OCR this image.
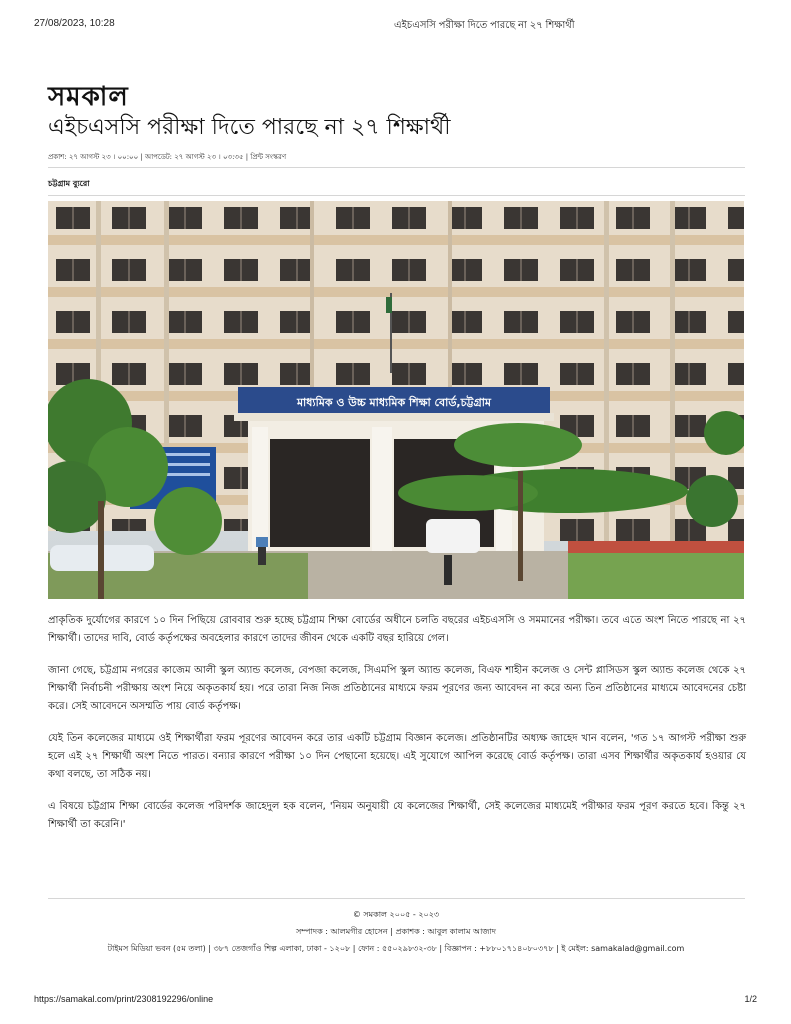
27/08/2023, 10:28	এইচএসসি পরীক্ষা দিতে পারছে না ২৭ শিক্ষার্থী
সমকাল
এইচএসসি পরীক্ষা দিতে পারছে না ২৭ শিক্ষার্থী
প্রকাশ: ২৭ আগস্ট ২৩ । ০০:০০ | আপডেট: ২৭ আগস্ট ২৩ । ০৩:৩৫ | প্রিন্ট সংস্করণ
চট্টগ্রাম ব্যুরো
মাধ্যমিক ও উচ্চ মাধ্যমিক শিক্ষা বোর্ড,চট্টগ্রাম

প্রাকৃতিক দুর্যোগের কারণে ১০ দিন পিছিয়ে রোববার শুরু হচ্ছে চট্টগ্রাম শিক্ষা বোর্ডের অধীনে চলতি বছরের এইচএসসি ও সমমানের পরীক্ষা। তবে এতে অংশ নিতে পারছে না ২৭ শিক্ষার্থী। তাদের দাবি, বোর্ড কর্তৃপক্ষের অবহেলার কারণে তাদের জীবন থেকে একটি বছর হারিয়ে গেল।

জানা গেছে, চট্টগ্রাম নগরের কাজেম আলী স্কুল অ্যান্ড কলেজ, বেপজা কলেজ, সিএমপি স্কুল অ্যান্ড কলেজ, বিএফ শাহীন কলেজ ও সেন্ট প্লাসিডস স্কুল অ্যান্ড কলেজ থেকে ২৭ শিক্ষার্থী নির্বাচনী পরীক্ষায় অংশ নিয়ে অকৃতকার্য হয়। পরে তারা নিজ নিজ প্রতিষ্ঠানের মাধ্যমে ফরম পূরণের জন্য আবেদন না করে অন্য তিন প্রতিষ্ঠানের মাধ্যমে আবেদনের চেষ্টা করে। সেই আবেদনে অসম্মতি পায় বোর্ড কর্তৃপক্ষ।

যেই তিন কলেজের মাধ্যমে ওই শিক্ষার্থীরা ফরম পূরণের আবেদন করে তার একটি চট্টগ্রাম বিজ্ঞান কলেজ। প্রতিষ্ঠানটির অধ্যক্ষ জাহেদ খান বলেন, 'গত ১৭ আগস্ট পরীক্ষা শুরু হলে এই ২৭ শিক্ষার্থী অংশ নিতে পারত। বন্যার কারণে পরীক্ষা ১০ দিন পেছানো হয়েছে। এই সুযোগে আপিল করেছে বোর্ড কর্তৃপক্ষ। তারা এসব শিক্ষার্থীর অকৃতকার্য হওয়ার যে কথা বলছে, তা সঠিক নয়।

এ বিষয়ে চট্টগ্রাম শিক্ষা বোর্ডের কলেজ পরিদর্শক জাহেদুল হক বলেন, 'নিয়ম অনুযায়ী যে কলেজের শিক্ষার্থী, সেই কলেজের মাধ্যমেই পরীক্ষার ফরম পূরণ করতে হবে। কিন্তু ২৭ শিক্ষার্থী তা করেনি।'

© সমকাল ২০০৫ - ২০২৩
সম্পাদক : আলমগীর হোসেন | প্রকাশক : আবুল কালাম আজাদ
টাইমস মিডিয়া ভবন (৫ম তলা) | ৩৮৭ তেজগাঁও শিল্প এলাকা, ঢাকা - ১২০৮ | ফোন : ৫৫০২৯৮৩২-৩৮ | বিজ্ঞাপন : +৮৮০১৭১৪০৮০৩৭৮ | ই মেইল: samakalad@gmail.com
https://samakal.com/print/2308192296/online	1/2
